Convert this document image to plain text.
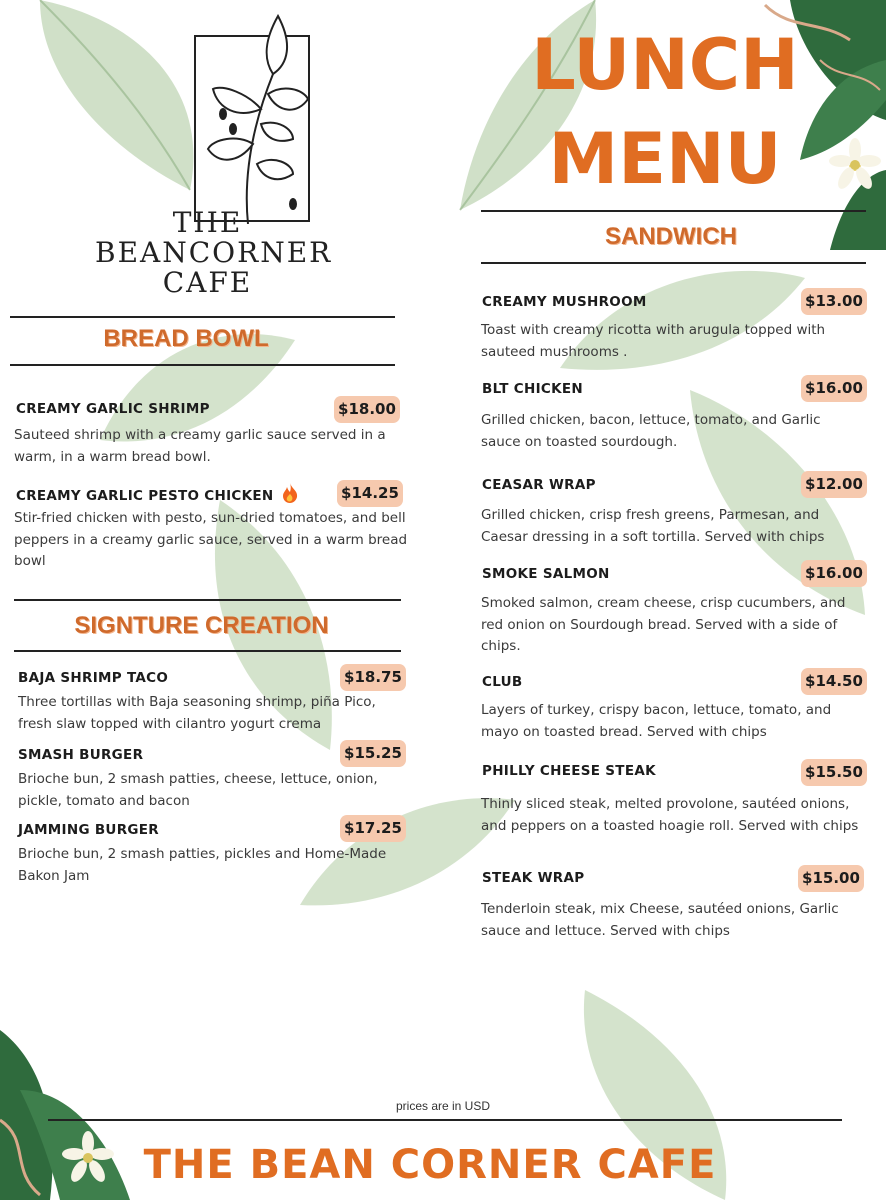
THE
BEANCORNER
CAFE
LUNCH
MENU
BREAD BOWL
CREAMY GARLIC SHRIMP	$18.00
Sauteed shrimp with a creamy garlic sauce served in a warm, in a warm bread bowl.
CREAMY GARLIC PESTO CHICKEN	$14.25
Stir-fried chicken with pesto, sun-dried tomatoes, and bell peppers in a creamy garlic sauce, served in a warm bread bowl
SIGNTURE CREATION
BAJA SHRIMP TACO	$18.75
Three tortillas with Baja seasoning shrimp, piña Pico, fresh slaw topped with cilantro yogurt crema
SMASH BURGER	$15.25
Brioche bun, 2 smash patties, cheese, lettuce, onion, pickle, tomato and bacon
JAMMING BURGER	$17.25
Brioche bun, 2 smash patties, pickles and Home-Made Bakon Jam
SANDWICH
CREAMY MUSHROOM	$13.00
Toast with creamy ricotta with arugula topped with sauteed mushrooms .
BLT CHICKEN	$16.00
Grilled chicken, bacon, lettuce, tomato, and Garlic sauce on toasted sourdough.
CEASAR WRAP	$12.00
Grilled chicken, crisp fresh greens, Parmesan, and Caesar dressing in a soft tortilla. Served with chips
SMOKE SALMON	$16.00
Smoked salmon, cream cheese, crisp cucumbers, and red onion on Sourdough bread. Served with a side of chips.
CLUB	$14.50
Layers of turkey, crispy bacon, lettuce, tomato, and mayo on toasted bread. Served with chips
PHILLY CHEESE STEAK	$15.50
Thinly sliced steak, melted provolone, sautéed onions, and peppers on a toasted hoagie roll. Served with chips
STEAK WRAP	$15.00
Tenderloin steak, mix Cheese, sautéed onions, Garlic sauce and lettuce. Served with chips
prices are in USD
THE BEAN CORNER CAFE
